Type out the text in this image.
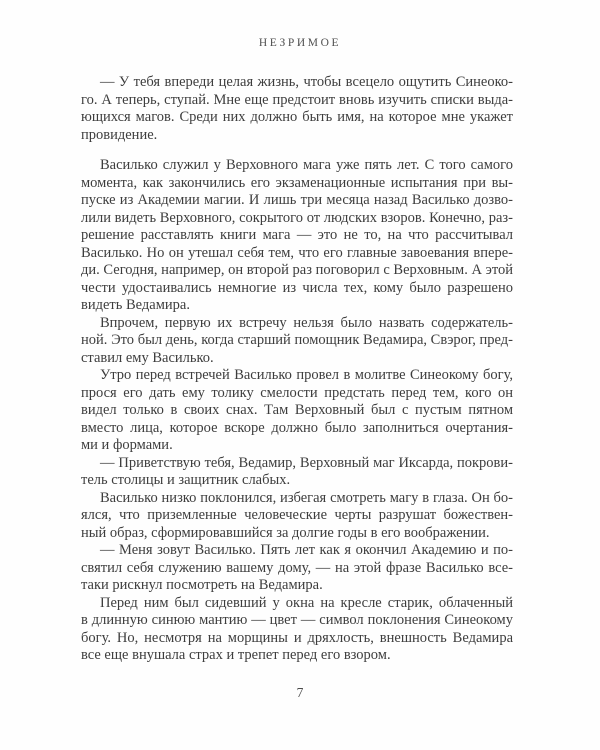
НЕЗРИМОЕ

— У тебя впереди целая жизнь, чтобы всецело ощутить Синеоко-
го. А теперь, ступай. Мне еще предстоит вновь изучить списки выда-
ющихся магов. Среди них должно быть имя, на которое мне укажет
провидение.

Василько служил у Верховного мага уже пять лет. С того самого
момента, как закончились его экзаменационные испытания при вы-
пуске из Академии магии. И лишь три месяца назад Василько дозво-
лили видеть Верховного, сокрытого от людских взоров. Конечно, раз-
решение расставлять книги мага — это не то, на что рассчитывал
Василько. Но он утешал себя тем, что его главные завоевания впере-
ди. Сегодня, например, он второй раз поговорил с Верховным. А этой
чести удостаивались немногие из числа тех, кому было разрешено
видеть Ведамира.

Впрочем, первую их встречу нельзя было назвать содержатель-
ной. Это был день, когда старший помощник Ведамира, Свэрог, пред-
ставил ему Василько.

Утро перед встречей Василько провел в молитве Синеокому богу,
прося его дать ему толику смелости предстать перед тем, кого он
видел только в своих снах. Там Верховный был с пустым пятном
вместо лица, которое вскоре должно было заполниться очертания-
ми и формами.

— Приветствую тебя, Ведамир, Верховный маг Иксарда, покрови-
тель столицы и защитник слабых.

Василько низко поклонился, избегая смотреть магу в глаза. Он бо-
ялся, что приземленные человеческие черты разрушат божествен-
ный образ, сформировавшийся за долгие годы в его воображении.

— Меня зовут Василько. Пять лет как я окончил Академию и по-
святил себя служению вашему дому, — на этой фразе Василько все-
таки рискнул посмотреть на Ведамира.

Перед ним был сидевший у окна на кресле старик, облаченный
в длинную синюю мантию — цвет — символ поклонения Синеокому
богу. Но, несмотря на морщины и дряхлость, внешность Ведамира
все еще внушала страх и трепет перед его взором.

7
